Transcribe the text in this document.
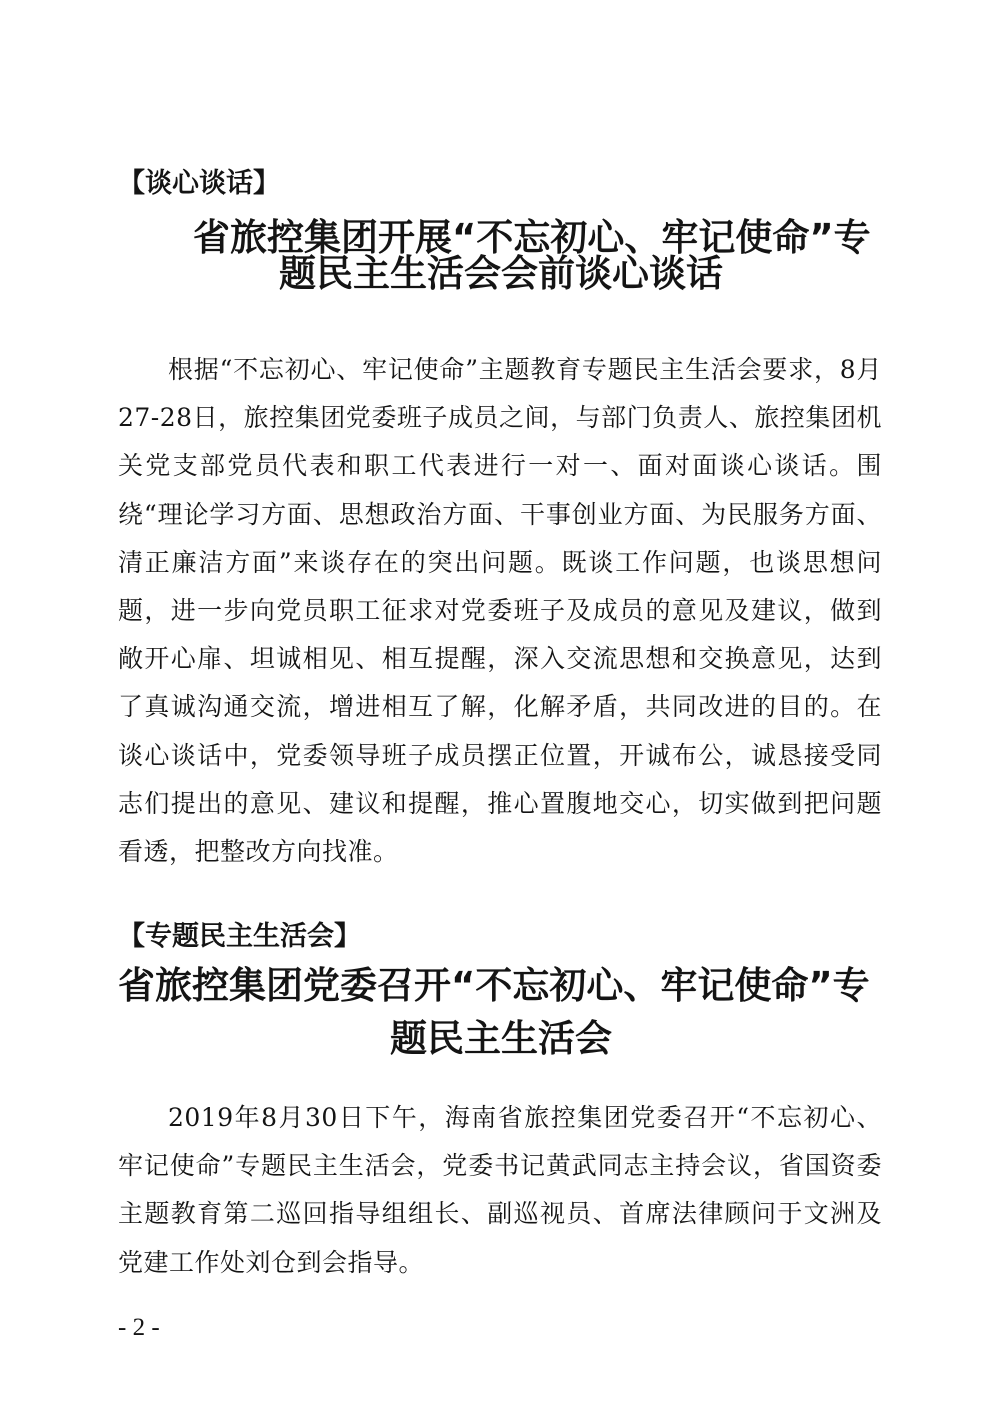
【谈心谈话】

省旅控集团开展“不忘初心、牢记使命”专
题民主生活会会前谈心谈话

根据“不忘初心、牢记使命”主题教育专题民主生活会要求，8月27-28日，旅控集团党委班子成员之间，与部门负责人、旅控集团机关党支部党员代表和职工代表进行一对一、面对面谈心谈话。围绕“理论学习方面、思想政治方面、干事创业方面、为民服务方面、清正廉洁方面”来谈存在的突出问题。既谈工作问题，也谈思想问题，进一步向党员职工征求对党委班子及成员的意见及建议，做到敞开心扉、坦诚相见、相互提醒，深入交流思想和交换意见，达到了真诚沟通交流，增进相互了解，化解矛盾，共同改进的目的。在谈心谈话中，党委领导班子成员摆正位置，开诚布公，诚恳接受同志们提出的意见、建议和提醒，推心置腹地交心，切实做到把问题看透，把整改方向找准。

【专题民主生活会】

省旅控集团党委召开“不忘初心、牢记使命”专
题民主生活会

2019年8月30日下午，海南省旅控集团党委召开“不忘初心、牢记使命”专题民主生活会，党委书记黄武同志主持会议，省国资委主题教育第二巡回指导组组长、副巡视员、首席法律顾问于文洲及党建工作处刘仓到会指导。

- 2 -
